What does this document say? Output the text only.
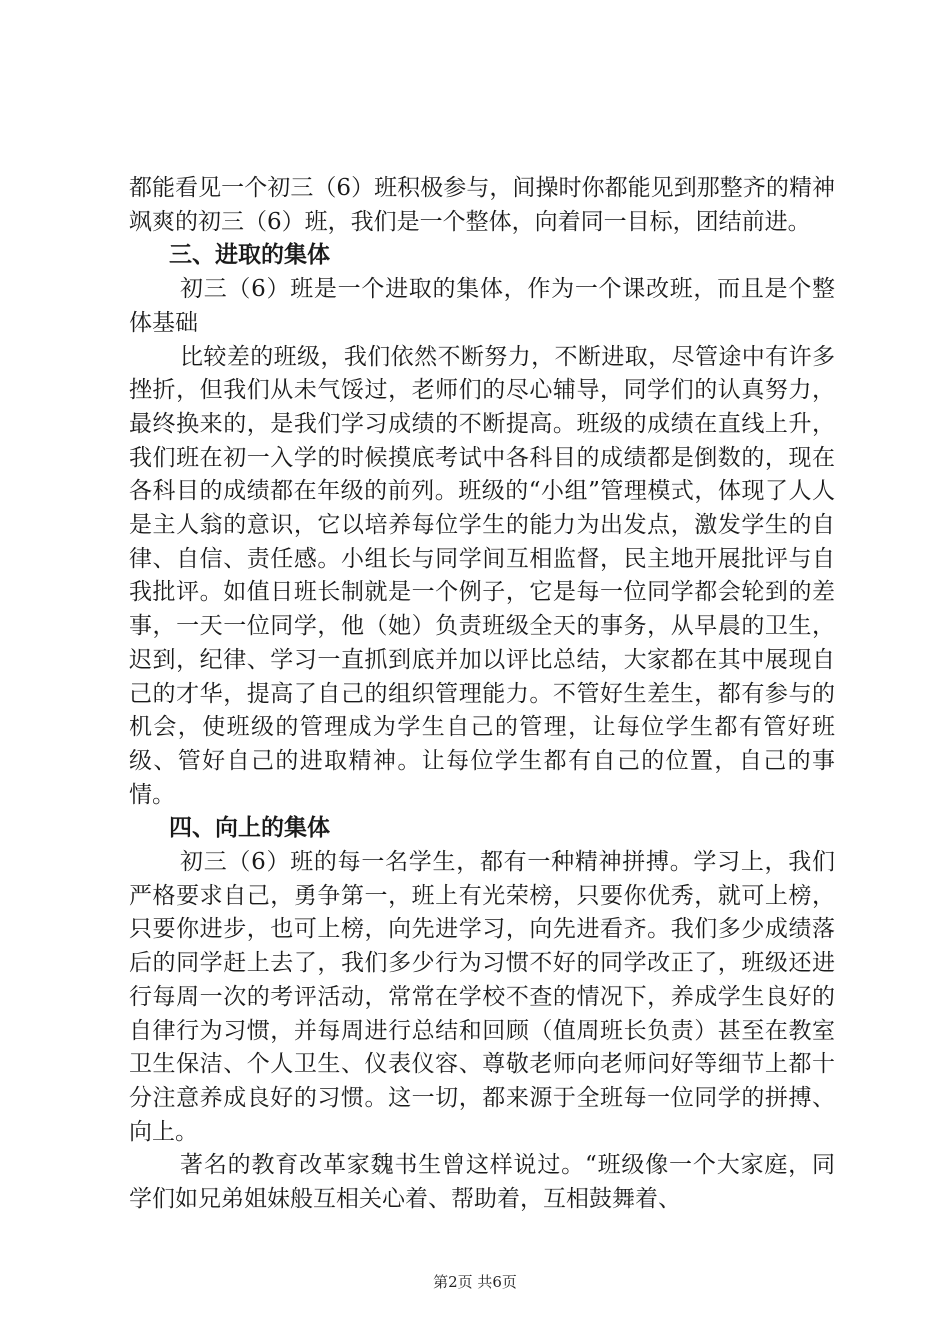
都能看见一个初三（6）班积极参与，间操时你都能见到那整齐的精神飒爽的初三（6）班，我们是一个整体，向着同一目标，团结前进。

三、进取的集体

初三（6）班是一个进取的集体，作为一个课改班，而且是个整体基础

比较差的班级，我们依然不断努力，不断进取，尽管途中有许多挫折，但我们从未气馁过，老师们的尽心辅导，同学们的认真努力，最终换来的，是我们学习成绩的不断提高。班级的成绩在直线上升，我们班在初一入学的时候摸底考试中各科目的成绩都是倒数的，现在各科目的成绩都在年级的前列。班级的“小组”管理模式，体现了人人是主人翁的意识，它以培养每位学生的能力为出发点，激发学生的自律、自信、责任感。小组长与同学间互相监督，民主地开展批评与自我批评。如值日班长制就是一个例子，它是每一位同学都会轮到的差事，一天一位同学，他（她）负责班级全天的事务，从早晨的卫生，迟到，纪律、学习一直抓到底并加以评比总结，大家都在其中展现自己的才华，提高了自己的组织管理能力。不管好生差生，都有参与的机会，使班级的管理成为学生自己的管理，让每位学生都有管好班级、管好自己的进取精神。让每位学生都有自己的位置，自己的事情。

四、向上的集体

初三（6）班的每一名学生，都有一种精神拼搏。学习上，我们严格要求自己，勇争第一，班上有光荣榜，只要你优秀，就可上榜，只要你进步，也可上榜，向先进学习，向先进看齐。我们多少成绩落后的同学赶上去了，我们多少行为习惯不好的同学改正了，班级还进行每周一次的考评活动，常常在学校不查的情况下，养成学生良好的自律行为习惯，并每周进行总结和回顾（值周班长负责）甚至在教室卫生保洁、个人卫生、仪表仪容、尊敬老师向老师问好等细节上都十分注意养成良好的习惯。这一切，都来源于全班每一位同学的拼搏、向上。

著名的教育改革家魏书生曾这样说过。“班级像一个大家庭，同学们如兄弟姐妹般互相关心着、帮助着，互相鼓舞着、

第2页 共6页
